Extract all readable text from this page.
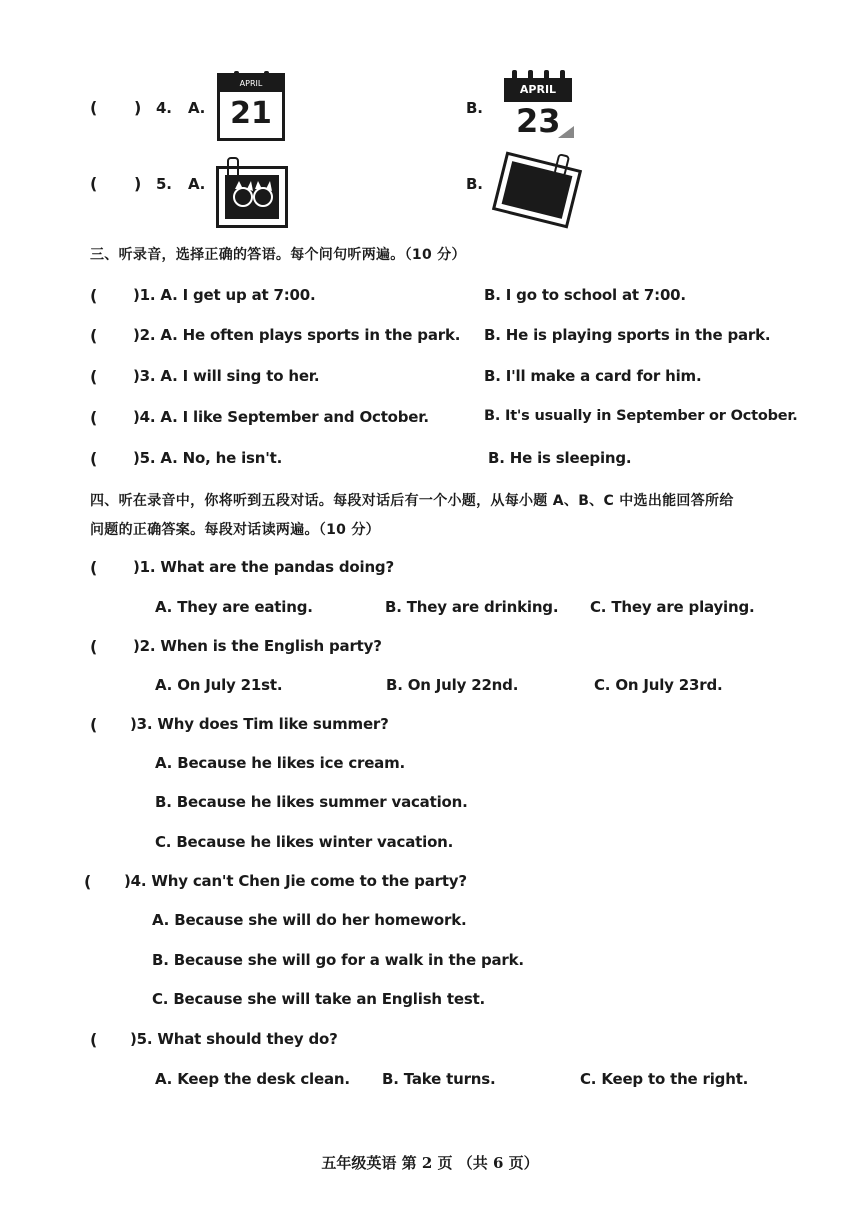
( ) 4. A.
APRIL
21	B.
APRIL
23
( ) 5. A.	B.
三、听录音，选择正确的答语。每个问句听两遍。（10 分）
( )1. A. I get up at 7:00.	B. I go to school at 7:00.
( )2. A. He often plays sports in the park. B. He is playing sports in the park.
( )3. A. I will sing to her.	B. I'll make a card for him.
( )4. A. I like September and October.	B. It's usually in September or October.
( )5. A. No, he isn't.	B. He is sleeping.
四、听在录音中，你将听到五段对话。每段对话后有一个小题，从每小题 A、B、C 中选出能回答所给
问题的正确答案。每段对话读两遍。（10 分）
( )1. What are the pandas doing?
A. They are eating.	B. They are drinking. C. They are playing.
( )2. When is the English party?
A. On July 21st.	B. On July 22nd.	C. On July 23rd.
( )3. Why does Tim like summer?
A. Because he likes ice cream.
B. Because he likes summer vacation.
C. Because he likes winter vacation.
( )4. Why can't Chen Jie come to the party?
A. Because she will do her homework.
B. Because she will go for a walk in the park.
C. Because she will take an English test.
( )5. What should they do?
A. Keep the desk clean. B. Take turns.	C. Keep to the right.
五年级英语 第 2 页 （共 6 页）
